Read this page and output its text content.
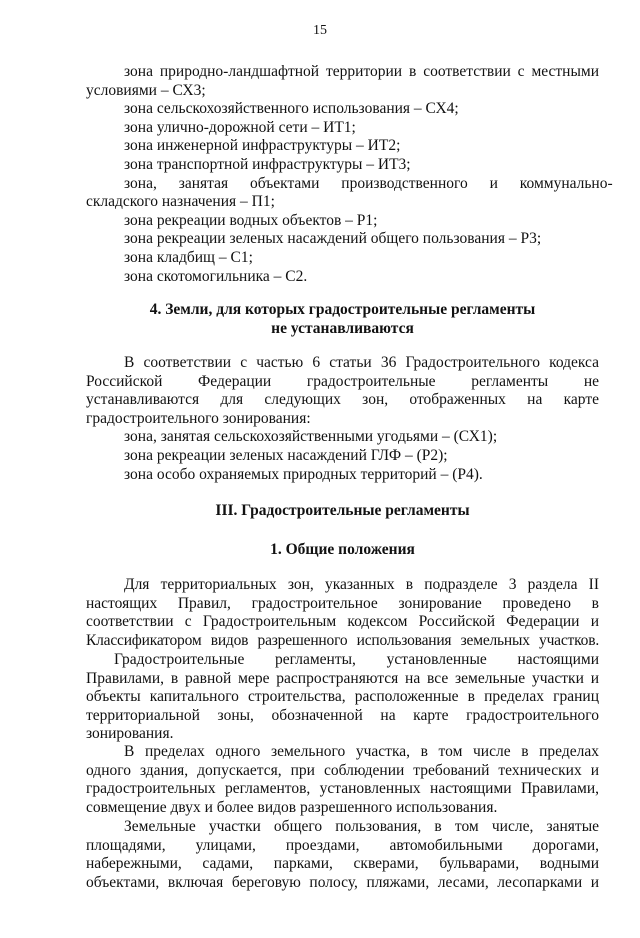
15
зона природно-ландшафтной территории в соответствии с местными
условиями – СХ3;
зона сельскохозяйственного использования – СХ4;
зона улично-дорожной сети – ИТ1;
зона инженерной инфраструктуры – ИТ2;
зона транспортной инфраструктуры – ИТ3;
зона, занятая объектами производственного и коммунально-
складского назначения – П1;
зона рекреации водных объектов – Р1;
зона рекреации зеленых насаждений общего пользования – Р3;
зона кладбищ – С1;
зона скотомогильника – С2.
4. Земли, для которых градостроительные регламенты
не устанавливаются
В соответствии с частью 6 статьи 36 Градостроительного кодекса
Российской Федерации градостроительные регламенты не
устанавливаются для следующих зон, отображенных на карте
градостроительного зонирования:
зона, занятая сельскохозяйственными угодьями – (СХ1);
зона рекреации зеленых насаждений ГЛФ – (Р2);
зона особо охраняемых природных территорий – (Р4).
III. Градостроительные регламенты
1. Общие положения
Для территориальных зон, указанных в подразделе 3 раздела II
настоящих Правил, градостроительное зонирование проведено в
соответствии с Градостроительным кодексом Российской Федерации и
Классификатором видов разрешенного использования земельных участков.
Градостроительные регламенты, установленные настоящими
Правилами, в равной мере распространяются на все земельные участки и
объекты капитального строительства, расположенные в пределах границ
территориальной зоны, обозначенной на карте градостроительного
зонирования.
В пределах одного земельного участка, в том числе в пределах
одного здания, допускается, при соблюдении требований технических и
градостроительных регламентов, установленных настоящими Правилами,
совмещение двух и более видов разрешенного использования.
Земельные участки общего пользования, в том числе, занятые
площадями, улицами, проездами, автомобильными дорогами,
набережными, садами, парками, скверами, бульварами, водными
объектами, включая береговую полосу, пляжами, лесами, лесопарками и
